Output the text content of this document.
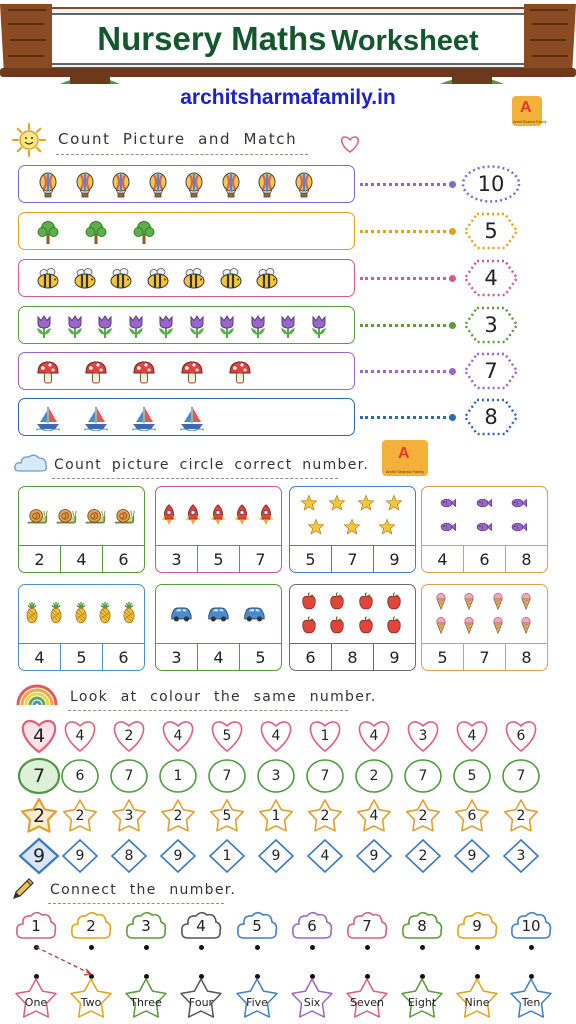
Nursery Maths Worksheet
architsharmafamily.in	A
Archit Sharma Family
Count Picture and Match
10
5
4
3
7
8
Count picture circle correct number.
A
Archit Sharma Family
2	4	6	3	5	7	5	7	9	4	6	8
4	5	6	3	4	5	6	8	9	5	7	8
Look at colour the same number.
4 4	2	4	5	4	1	4	3	4	6
7 6	7	1	7	3	7	2	7	5	7
2 2	3	2	5	1	2	4	2	6	2
9 9	8	9	1	9	4	9	2	9	3
Connect the number.
1	2	3	4	5	6	7	8	9	10
One	Two	Three Four	Five	Six	Seven Eight	Nine	Ten
